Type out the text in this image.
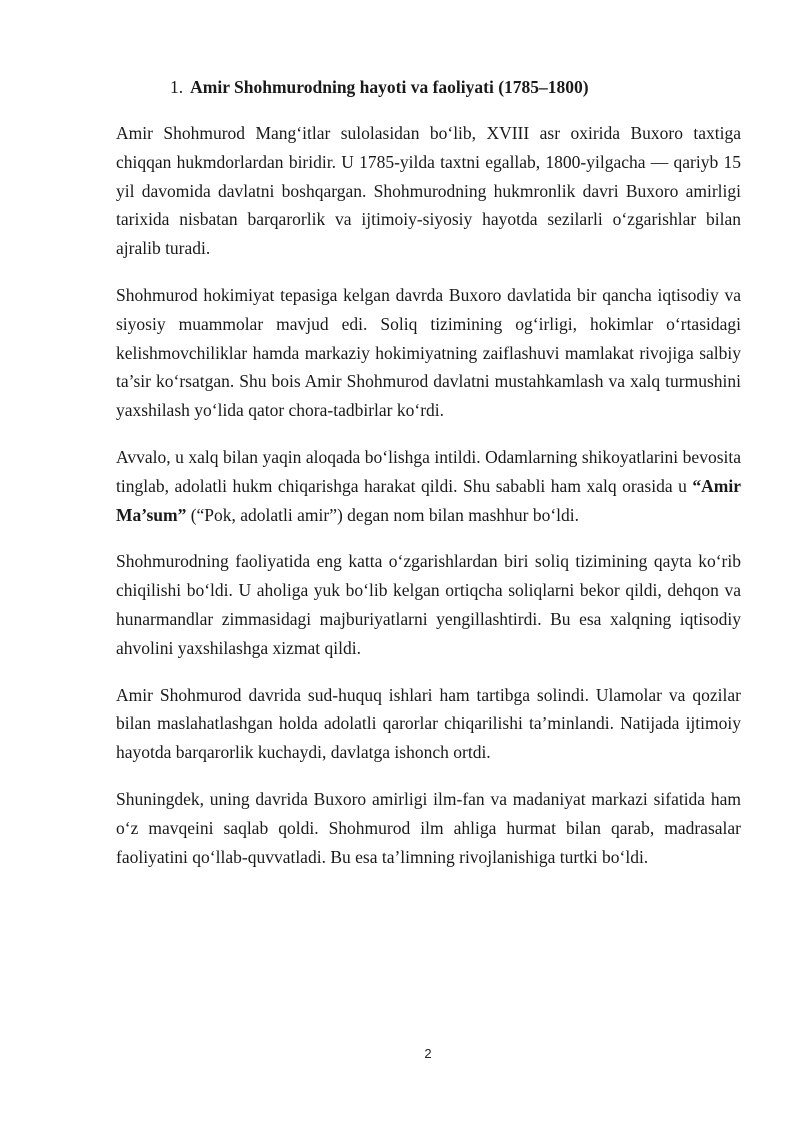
1. Amir Shohmurodning hayoti va faoliyati (1785–1800)

Amir Shohmurod Mang‘itlar sulolasidan bo‘lib, XVIII asr oxirida Buxoro taxtiga chiqqan hukmdorlardan biridir. U 1785-yilda taxtni egallab, 1800-yilgacha — qariyb 15 yil davomida davlatni boshqargan. Shohmurodning hukmronlik davri Buxoro amirligi tarixida nisbatan barqarorlik va ijtimoiy-siyosiy hayotda sezilarli o‘zgarishlar bilan ajralib turadi.

Shohmurod hokimiyat tepasiga kelgan davrda Buxoro davlatida bir qancha iqtisodiy va siyosiy muammolar mavjud edi. Soliq tizimining og‘irligi, hokimlar o‘rtasidagi kelishmovchiliklar hamda markaziy hokimiyatning zaiflashuvi mamlakat rivojiga salbiy ta’sir ko‘rsatgan. Shu bois Amir Shohmurod davlatni mustahkamlash va xalq turmushini yaxshilash yo‘lida qator chora-tadbirlar ko‘rdi.

Avvalo, u xalq bilan yaqin aloqada bo‘lishga intildi. Odamlarning shikoyatlarini bevosita tinglab, adolatli hukm chiqarishga harakat qildi. Shu sababli ham xalq orasida u “Amir Ma’sum” (“Pok, adolatli amir”) degan nom bilan mashhur bo‘ldi.

Shohmurodning faoliyatida eng katta o‘zgarishlardan biri soliq tizimining qayta ko‘rib chiqilishi bo‘ldi. U aholiga yuk bo‘lib kelgan ortiqcha soliqlarni bekor qildi, dehqon va hunarmandlar zimmasidagi majburiyatlarni yengillashtirdi. Bu esa xalqning iqtisodiy ahvolini yaxshilashga xizmat qildi.

Amir Shohmurod davrida sud-huquq ishlari ham tartibga solindi. Ulamolar va qozilar bilan maslahatlashgan holda adolatli qarorlar chiqarilishi ta’minlandi. Natijada ijtimoiy hayotda barqarorlik kuchaydi, davlatga ishonch ortdi.

Shuningdek, uning davrida Buxoro amirligi ilm-fan va madaniyat markazi sifatida ham o‘z mavqeini saqlab qoldi. Shohmurod ilm ahliga hurmat bilan qarab, madrasalar faoliyatini qo‘llab-quvvatladi. Bu esa ta’limning rivojlanishiga turtki bo‘ldi.

2
